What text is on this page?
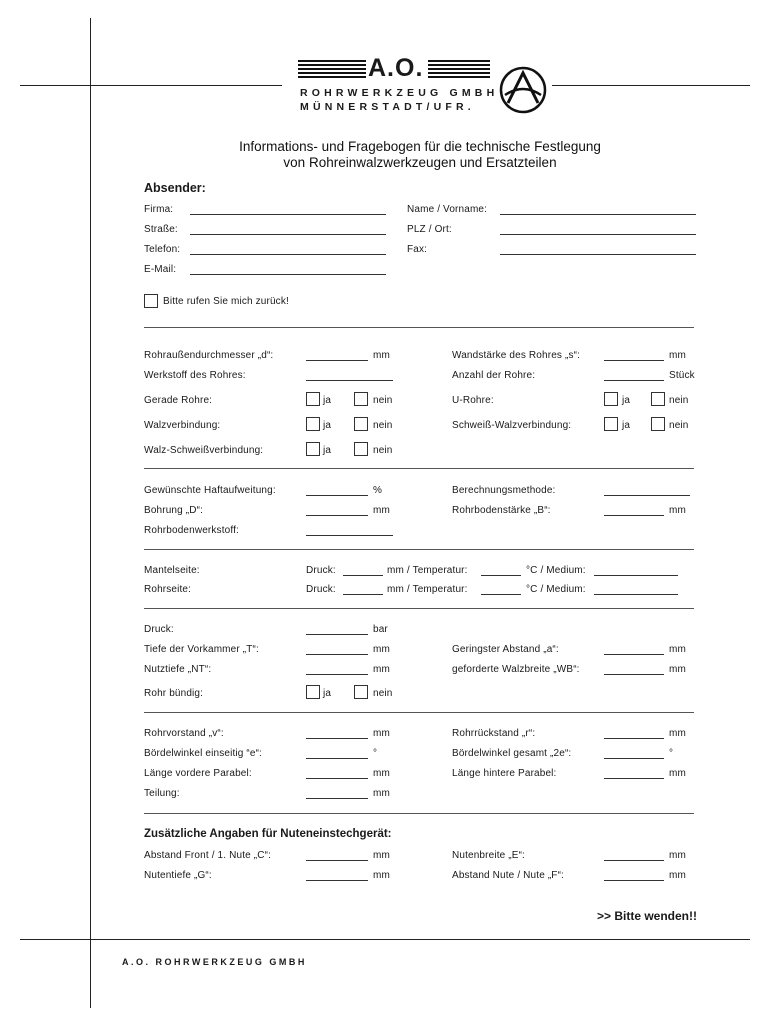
A.O.
ROHRWERKZEUG GMBH
MÜNNERSTADT/UFR.
Informations- und Fragebogen für die technische Festlegung
von Rohreinwalzwerkzeugen und Ersatzteilen
Absender:
Firma:
Straße:
Telefon:
E-Mail:
Name / Vorname:
PLZ / Ort:
Fax:
Bitte rufen Sie mich zurück!
Rohraußendurchmesser „d“:	mm
Werkstoff des Rohres:
Gerade Rohre:	ja	nein
Walzverbindung:	ja	nein
Walz-Schweißverbindung:	ja	nein
Wandstärke des Rohres „s“:	mm
Anzahl der Rohre:	Stück
U-Rohre:	ja	nein
Schweiß-Walzverbindung:	ja	nein
Gewünschte Haftaufweitung:	%
Bohrung „D“:	mm
Rohrbodenwerkstoff:
Berechnungsmethode:
Rohrbodenstärke „B“:	mm
Mantelseite:	Druck:	mm / Temperatur:	°C / Medium:
Rohrseite:	Druck:	mm / Temperatur:	°C / Medium:
Druck:	bar
Tiefe der Vorkammer „T“:	mm
Nutztiefe „NT“:	mm
Rohr bündig:	ja	nein
Geringster Abstand „a“:	mm
geforderte Walzbreite „WB“:	mm
Rohrvorstand „v“:	mm
Bördelwinkel einseitig “e“:	°
Länge vordere Parabel:	mm
Teilung:	mm
Rohrrückstand „r“:	mm
Bördelwinkel gesamt „2e“:	°
Länge hintere Parabel:	mm
Zusätzliche Angaben für Nuteneinstechgerät:
Abstand Front / 1. Nute „C“:	mm
Nutentiefe „G“:	mm
Nutenbreite „E“:	mm
Abstand Nute / Nute „F“:	mm
>> Bitte wenden!!
A.O. ROHRWERKZEUG GMBH
